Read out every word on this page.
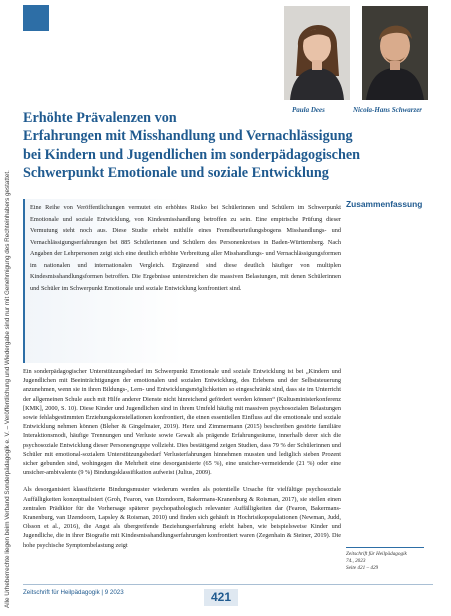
Alle Urheberrechte liegen beim Verband Sonderpädagogik e. V. – Veröffentlichung und Wiedergabe sind nur mit Genehmigung des Rechteinhabers gestattet.
Paula Dees	Nicola-Hans Schwarzer
Erhöhte Prävalenzen von
Erfahrungen mit Misshandlung und Vernachlässigung
bei Kindern und Jugendlichen im sonderpädagogischen
Schwerpunkt Emotionale und soziale Entwicklung
Zusammenfassung
Eine Reihe von Veröffentlichungen vermutet ein erhöhtes Risiko bei Schülerinnen und Schülern im Schwerpunkt Emotionale und soziale Entwicklung, von Kindesmisshandlung betroffen zu sein. Eine empirische Prüfung dieser Vermutung steht noch aus. Diese Studie erhebt mithilfe eines Fremdbeurteilungsbogens Misshandlungs- und Vernachlässigungserfahrungen bei 885 Schülerinnen und Schülern des Personenkreises in Baden-Württemberg. Nach Angaben der Lehrpersonen zeigt sich eine deutlich erhöhte Verbreitung aller Misshandlungs- und Vernachlässigungsformen im nationalen und internationalen Vergleich. Ergänzend sind diese deutlich häufiger von multiplen Kindesmisshandlungsformen betroffen. Die Ergebnisse unterstreichen die massiven Belastungen, mit denen Schülerinnen und Schüler im Schwerpunkt Emotionale und soziale Entwicklung konfrontiert sind.

Ein sonderpädagogischer Unterstützungsbedarf im Schwerpunkt Emotionale und soziale Entwicklung ist bei „Kindern und Jugendlichen mit Beeinträchtigungen der emotionalen und sozialen Entwicklung, des Erlebens und der Selbststeuerung anzunehmen, wenn sie in ihren Bildungs-, Lern- und Entwicklungsmöglichkeiten so eingeschränkt sind, dass sie im Unterricht der allgemeinen Schule auch mit Hilfe anderer Dienste nicht hinreichend gefördert werden können“ (Kultusministerkonferenz [KMK], 2000, S. 10). Diese Kinder und Jugendlichen sind in ihrem Umfeld häufig mit massiven psychosozialen Belastungen sowie fehlabgestimmten Erziehungskonstellationen konfrontiert, die einen essentiellen Einfluss auf die emotionale und soziale Entwicklung nehmen können (Bleher & Gingelmaier, 2019). Herz und Zimmermann (2015) beschreiben gestörte familiäre Interaktionsmodi, häufige Trennungen und Verluste sowie Gewalt als prägende Erfahrungsräume, innerhalb derer sich die psychosoziale Entwicklung dieser Personengruppe vollzieht. Dies bestätigend zeigen Studien, dass 79 % der Schülerinnen und Schüler mit emotional-sozialem Unterstützungsbedarf Verlusterfahrungen hinnehmen mussten und lediglich sieben Prozent sicher gebunden sind, wohingegen die Mehrheit eine desorganisierte (65 %), eine unsicher-vermeidende (21 %) oder eine unsicher-ambivalente (9 %) Bindungsklassifikation aufweist (Julius, 2009).

Als desorganisiert klassifizierte Bindungsmuster wiederum werden als potentielle Ursache für vielfältige psychosoziale Auffälligkeiten konzeptualisiert (Groh, Fearon, van IJzendoorn, Bakermans-Kranenburg & Roisman, 2017), sie stellen einen zentralen Prädiktor für die Vorhersage späterer psychopathologisch relevanter Auffälligkeiten dar (Fearon, Bakermans-Kranenburg, van IJzendoorn, Lapsley & Roisman, 2010) und finden sich gehäuft in Hochrisikopopulationen (Newman, Judd, Olsson et al., 2016), die Angst als übergreifende Beziehungserfahrung erlebt haben, wie beispielsweise Kinder und Jugendliche, die in ihrer Biografie mit Kindesmisshandlungserfahrungen konfrontiert waren (Zegenhain & Steiner, 2019). Die hohe psychische Symptombelastung zeigt

Zeitschrift für Heilpädagogik
74., 2023
Seite 421 – 429
Zeitschrift für Heilpädagogik | 9 2023	421
